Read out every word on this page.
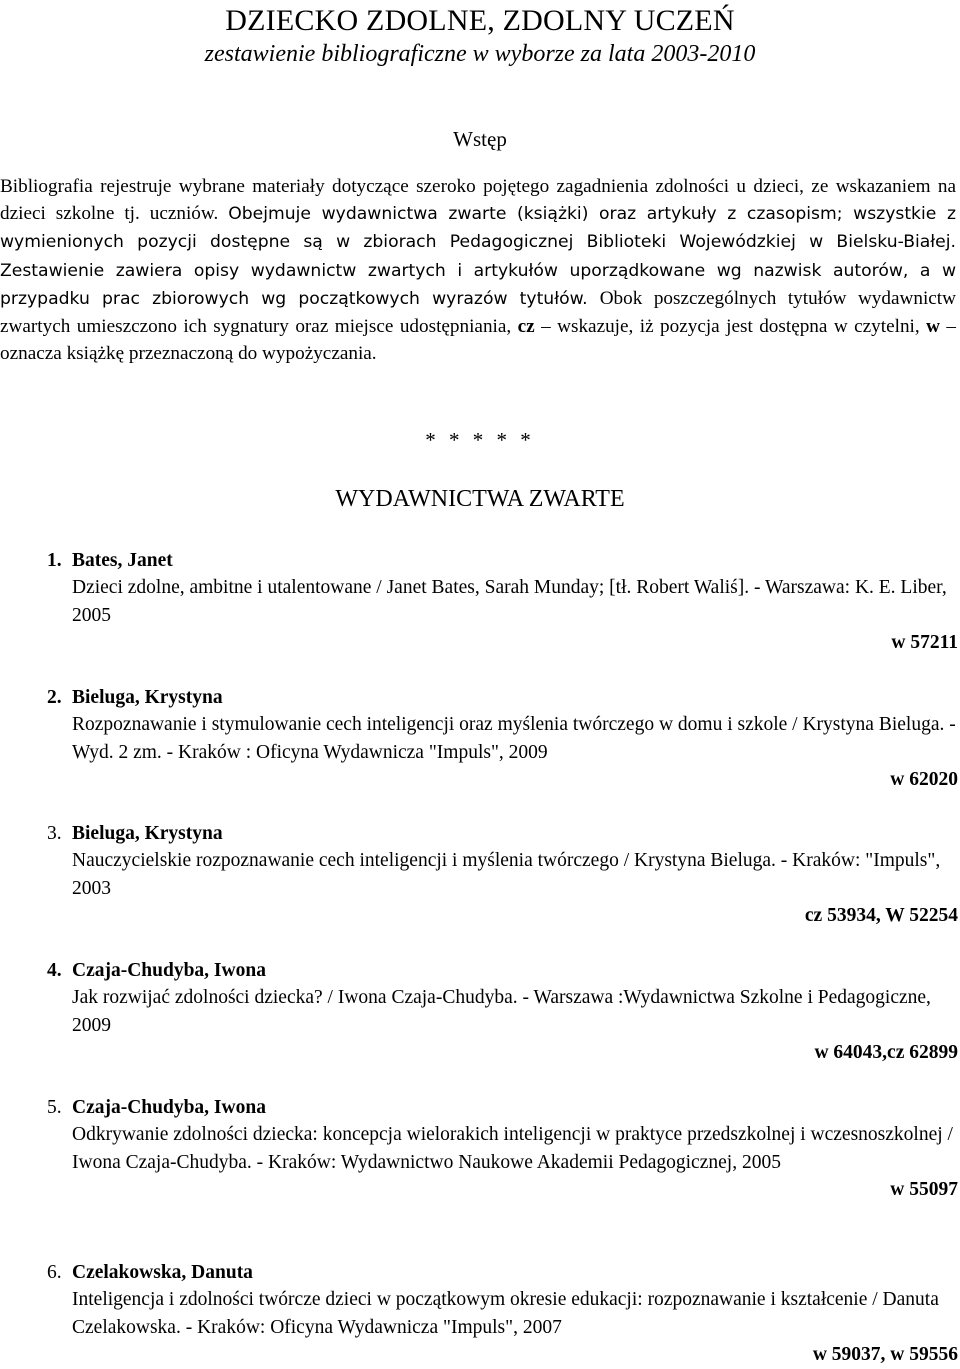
DZIECKO ZDOLNE, ZDOLNY UCZEŃ
zestawienie bibliograficzne w wyborze za lata 2003-2010
Wstęp

Bibliografia rejestruje wybrane materiały dotyczące szeroko pojętego zagadnienia zdolności u dzieci, ze wskazaniem na dzieci szkolne tj. uczniów. Obejmuje wydawnictwa zwarte (książki) oraz artykuły z czasopism; wszystkie z wymienionych pozycji dostępne są w zbiorach Pedagogicznej Biblioteki Wojewódzkiej w Bielsku-Białej. Zestawienie zawiera opisy wydawnictw zwartych i artykułów uporządkowane wg nazwisk autorów, a w przypadku prac zbiorowych wg początkowych wyrazów tytułów. Obok poszczególnych tytułów wydawnictw zwartych umieszczono ich sygnatury oraz miejsce udostępniania, cz – wskazuje, iż pozycja jest dostępna w czytelni, w – oznacza książkę przeznaczoną do wypożyczania.

* * * * *
WYDAWNICTWA ZWARTE
1. Bates, Janet
Dzieci zdolne, ambitne i utalentowane / Janet Bates, Sarah Munday; [tł. Robert Waliś]. - Warszawa: K. E. Liber, 2005
w 57211
2. Bieluga, Krystyna
Rozpoznawanie i stymulowanie cech inteligencji oraz myślenia twórczego w domu i szkole / Krystyna Bieluga. - Wyd. 2 zm. - Kraków : Oficyna Wydawnicza "Impuls", 2009
w 62020
3. Bieluga, Krystyna
Nauczycielskie rozpoznawanie cech inteligencji i myślenia twórczego / Krystyna Bieluga. - Kraków: "Impuls", 2003
cz 53934, W 52254
4. Czaja-Chudyba, Iwona
Jak rozwijać zdolności dziecka? / Iwona Czaja-Chudyba. - Warszawa :Wydawnictwa Szkolne i Pedagogiczne, 2009
w 64043,cz 62899
5. Czaja-Chudyba, Iwona
Odkrywanie zdolności dziecka: koncepcja wielorakich inteligencji w praktyce przedszkolnej i wczesnoszkolnej / Iwona Czaja-Chudyba. - Kraków: Wydawnictwo Naukowe Akademii Pedagogicznej, 2005
w 55097
6. Czelakowska, Danuta
Inteligencja i zdolności twórcze dzieci w początkowym okresie edukacji: rozpoznawanie i kształcenie / Danuta Czelakowska. - Kraków: Oficyna Wydawnicza "Impuls", 2007
w 59037, w 59556
